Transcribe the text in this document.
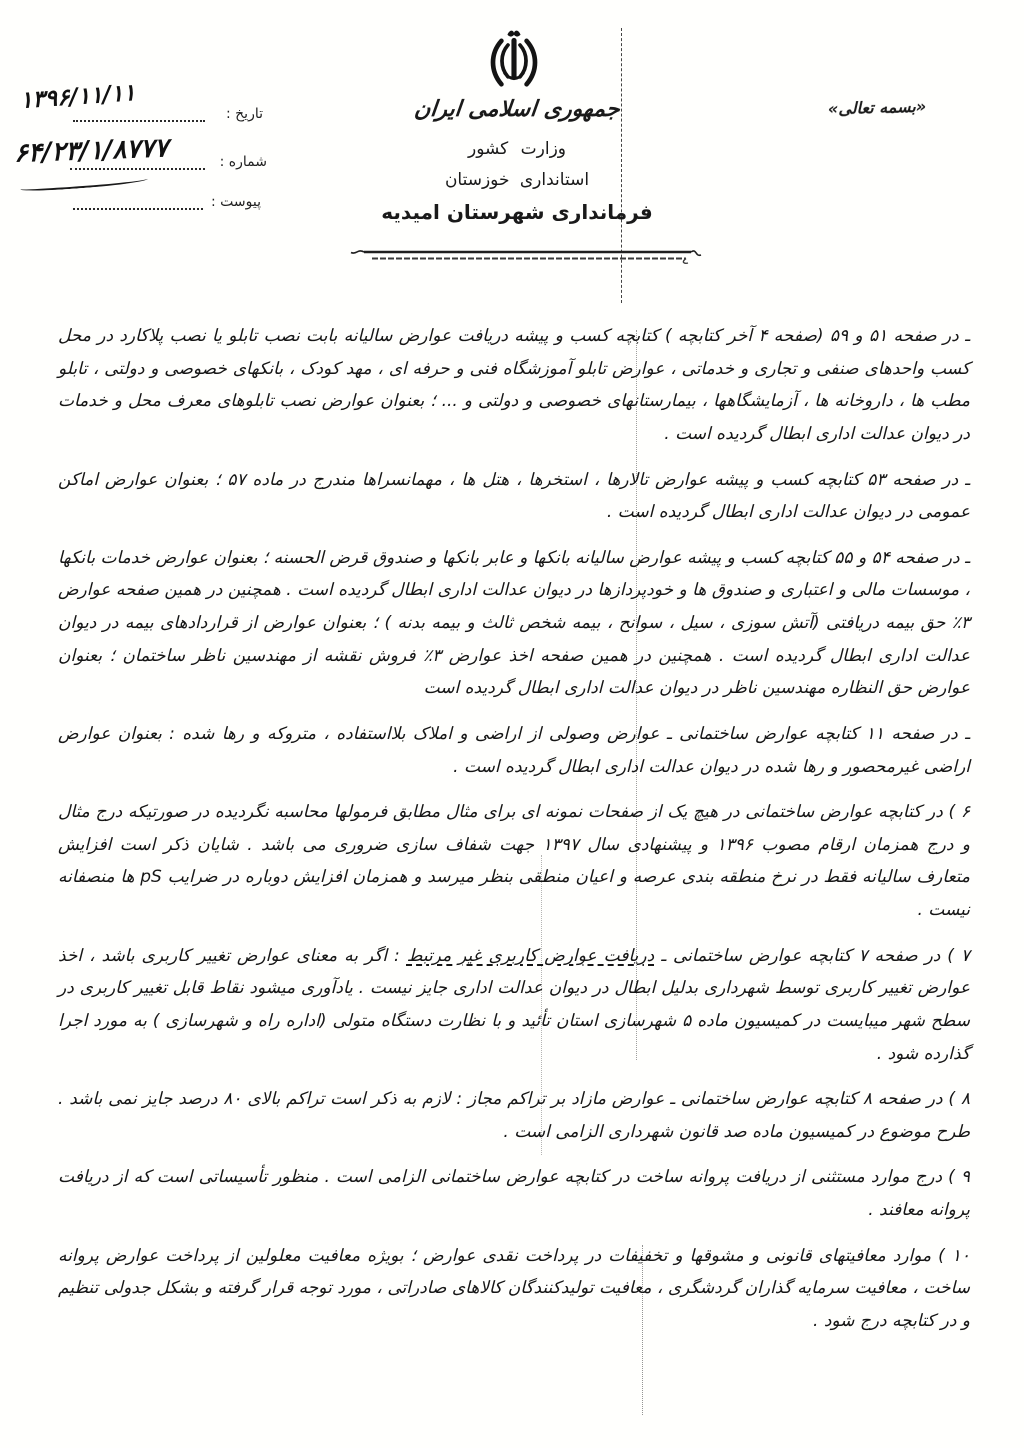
جمهوری اسلامی ایران
وزارت کشور
استانداری خوزستان
فرمانداری شهرستان امیدیه
«بسمه تعالی»
تاریخ :
۱۳۹۶/۱۱/۱۱
شماره :
۶۴/۲۳/۱/۸۷۷۷
پیوست :

ـ در صفحه ۵۱ و ۵۹ (صفحه ۴ آخر کتابچه ) کتابچه کسب و پیشه دریافت عوارض سالیانه بابت نصب تابلو یا نصب پلاکارد در محل کسب واحدهای صنفی و تجاری و خدماتی ، عوارض تابلو آموزشگاه فنی و حرفه ای ، مهد کودک ، بانکهای خصوصی و دولتی ، تابلو مطب ها ، داروخانه ها ، آزمایشگاهها ، بیمارستانهای خصوصی و دولتی و ... ؛ بعنوان عوارض نصب تابلوهای معرف محل و خدمات در دیوان عدالت اداری ابطال گردیده است .

ـ در صفحه ۵۳ کتابچه کسب و پیشه عوارض تالارها ، استخرها ، هتل ها ، مهمانسراها مندرج در ماده ۵۷ ؛ بعنوان عوارض اماکن عمومی در دیوان عدالت اداری ابطال گردیده است .

ـ در صفحه ۵۴ و ۵۵ کتابچه کسب و پیشه عوارض سالیانه بانکها و عابر بانکها و صندوق قرض الحسنه ؛ بعنوان عوارض خدمات بانکها ، موسسات مالی و اعتباری و صندوق ها و خودپردازها در دیوان عدالت اداری ابطال گردیده است . همچنین در همین صفحه عوارض ۳٪ حق بیمه دریافتی (آتش سوزی ، سیل ، سوانح ، بیمه شخص ثالث و بیمه بدنه ) ؛ بعنوان عوارض از قراردادهای بیمه در دیوان عدالت اداری ابطال گردیده است . همچنین در همین صفحه اخذ عوارض ۳٪ فروش نقشه از مهندسین ناظر ساختمان ؛ بعنوان عوارض حق النظاره مهندسین ناظر در دیوان عدالت اداری ابطال گردیده است

ـ در صفحه ۱۱ کتابچه عوارض ساختمانی ـ عوارض وصولی از اراضی و املاک بلااستفاده ، متروکه و رها شده : بعنوان عوارض اراضی غیرمحصور و رها شده در دیوان عدالت اداری ابطال گردیده است .

۶ ) در کتابچه عوارض ساختمانی در هیچ یک از صفحات نمونه ای برای مثال مطابق فرمولها محاسبه نگردیده در صورتیکه درج مثال و درج همزمان ارقام مصوب ۱۳۹۶ و پیشنهادی سال ۱۳۹۷ جهت شفاف سازی ضروری می باشد . شایان ذکر است افزایش متعارف سالیانه فقط در نرخ منطقه بندی عرصه و اعیان منطقی بنظر میرسد و همزمان افزایش دوباره در ضرایب pS ها منصفانه نیست .

۷ ) در صفحه ۷ کتابچه عوارض ساختمانی ـ دریافت عوارض کاربری غیر مرتبط : اگر به معنای عوارض تغییر کاربری باشد ، اخذ عوارض تغییر کاربری توسط شهرداری بدلیل ابطال در دیوان عدالت اداری جایز نیست . یادآوری میشود نقاط قابل تغییر کاربری در سطح شهر میبایست در کمیسیون ماده ۵ شهرسازی استان تأئید و با نظارت دستگاه متولی (اداره راه و شهرسازی ) به مورد اجرا گذارده شود .

۸ ) در صفحه ۸ کتابچه عوارض ساختمانی ـ عوارض مازاد بر تراکم مجاز : لازم به ذکر است تراکم بالای ۸۰ درصد جایز نمی باشد . طرح موضوع در کمیسیون ماده صد قانون شهرداری الزامی است .

۹ ) درج موارد مستثنی از دریافت پروانه ساخت در کتابچه عوارض ساختمانی الزامی است . منظور تأسیساتی است که از دریافت پروانه معافند .

۱۰ ) موارد معافیتهای قانونی و مشوقها و تخفیفات در پرداخت نقدی عوارض ؛ بویژه معافیت معلولین از پرداخت عوارض پروانه ساخت ، معافیت سرمایه گذاران گردشگری ، معافیت تولیدکنندگان کالاهای صادراتی ، مورد توجه قرار گرفته و بشکل جدولی تنظیم و در کتابچه درج شود .
